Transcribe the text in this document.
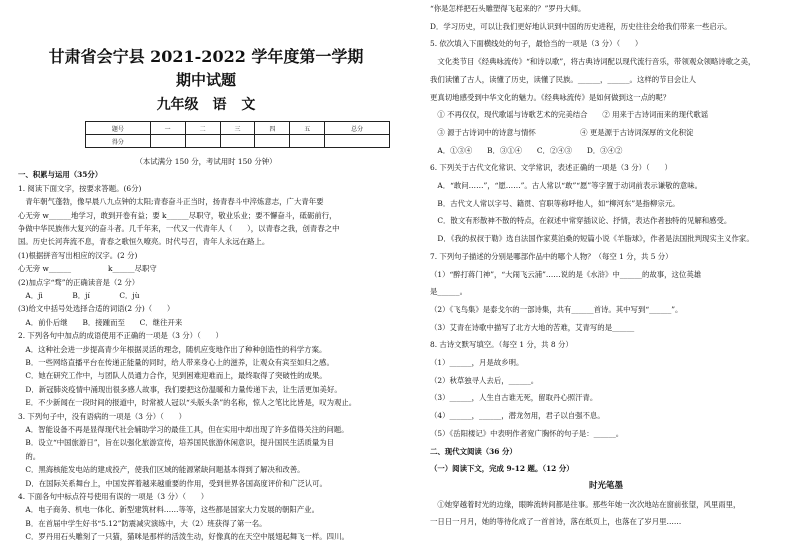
甘肃省会宁县 2021-2022 学年度第一学期
期中试题
九年级　语 文
题号	一	二	三	四	五	总分
得分						
（本试满分 150 分，考试用时 150 分钟）
一、积累与运用（35分）
1. 阅读下面文字，按要求答题。(6分)
　青年朝气蓬勃，像早晨八九点钟的太阳;青春奋斗正当时，扬青春斗中淬炼意志，广大青年要
心无旁 w______地学习，敢到开卷有益；要 k______尽职守，敬业乐业；要不懈奋斗，砥砺前行，
争做中华民族伟大复兴的奋斗者。几千年来，一代又一代青年人（　　），以青春之我，创青春之中
国。历史长河奔流不息，青春之歌恒久嘹亮。时代号召，青年人永远在路上。
(1)根据拼音写出相应的汉字。(2 分)
心无旁 w______　　　　　k______尽职守
(2)加点字“骛”的正确读音是（2 分）
　A．jì　　　　B．jí　　　　C．jù
(3)给文中括号处选择合适的词语(2 分)（　　）
　A．前仆后继　　B．接踵而至　　C．继往开来
2. 下列各句中加点的成语使用不正确的一项是（3 分）（　　）
　A．这种社会进一步提高青少年根据灵活的理念，随机应变地作出了种种创造性的科学方案。
　B．一些网络直播平台在传递正能量的同时，给人带来身心上的滋养，让观众有宾至如归之感。
　C．她在研究工作中，与团队人员通力合作，见到困难迎难而上，最终取得了突破性的成果。
　D．新冠肺炎疫情中涌现出很多感人故事，我们要把这份温暖和力量传递下去，让生活更加美好。
　E．不少新闻在一段时间的报道中，时常被人冠以“头版头条”的名称，惊人之笔比比皆是，叹为观止。
3. 下列句子中，没有语病的一项是（3 分）（　　）
　A．智能设备不再是显得现代社会辅助学习的最佳工具，但在实用中却出现了许多值得关注的问题。
　B．设立“中国旅游日”，旨在以强化旅游宣传，培养国民旅游休闲意识，提升国民生活质量为目
　的。
　C．黑海核能发电站的建成投产，使我们区域的能源紧缺问题基本得到了解决和改善。
　D．在国际关系舞台上，中国发挥着越来越重要的作用，受到世界各国高度评价和广泛认可。
4. 下面各句中标点符号使用有误的一项是（3 分）（　　）
　A．电子商务、机电一体化、新型建筑材料……等等，这些都是国家大力发展的朝阳产业。
　B．在首届中学生好书“5.12”防震减灾演练中，大（2）班获得了第一名。
　C．罗丹用石头雕刻了一只猫，猫咪是那样的活泼生动，好像真的在天空中展翅起舞飞一样。四川。
“你是怎样把石头雕塑得飞起来的？”罗丹大师。
D．学习历史，可以让我们更好地认识到中国的历史进程，历史往往会给我们带来一些启示。
5. 依次填入下面横线处的句子，最恰当的一项是（3 分）（　　）
　文化类节目《经典咏流传》“和诗以歌”，将古典诗词配以现代流行音乐，带领观众领略诗歌之美，
我们读懂了古人，读懂了历史，读懂了民族。______，______。这样的节目会让人
更真切地感受到中华文化的魅力。《经典咏流传》是如何做到这一点的呢？
　① 不再仅仅，现代歌谣与诗歌艺术的完美结合　　② 用来于古诗词而来的现代歌谣
　③ 源于古诗词中的诗意与情怀　　　　　　④ 更是源于古诗词深厚的文化积淀
　A．①③④　　B．③①④　　C．②④③　　D．③④②
6. 下列关于古代文化常识、文学常识，表述正确的一项是（3 分）（　　）
　A．“敢问……”，“愿……”。古人常以“敢”“愿”等字置于动词前表示谦敬的意味。
　B．古代文人常以字号、籍贯、官职等称呼他人，如“柳河东”是指柳宗元。
　C．散文有形散神不散的特点，在叙述中常穿插议论、抒情，表达作者独特的见解和感受。
　D．《我的叔叔于勒》选自法国作家莫泊桑的短篇小说《羊脂球》，作者是法国批判现实主义作家。
7. 下列句子描述的分别是哪部作品中的哪个人物？（每空 1 分，共 5 分）
（1）“醉打蒋门神”，“大闹飞云浦”……说的是《水浒》中______的故事，这位英雄
是______。
（2）《飞鸟集》是泰戈尔的一部诗集，共有______首诗。其中写到“______”。
（3）艾青在诗歌中描写了北方大地的苦难，艾青写的是______
8. 古诗文默写填空。（每空 1 分，共 8 分）
（1）______，月是故乡明。
（2）秋草独寻人去后，______。
（3）______，人生自古谁无死，留取丹心照汗青。
（4）______，______，潜龙勿用，君子以自强不息。
（5）《岳阳楼记》中表明作者宽广胸怀的句子是：______。
二、现代文阅读（36 分）
（一）阅读下文，完成 9-12 题。（12 分）
时光笔墨
　①她穿越着时光的边缘，眼眸流转间都是往事。那些年她一次次地站在窗前张望，风里雨里，
一日日一月月，她的等待化成了一首首诗，落在纸页上，也落在了岁月里……
